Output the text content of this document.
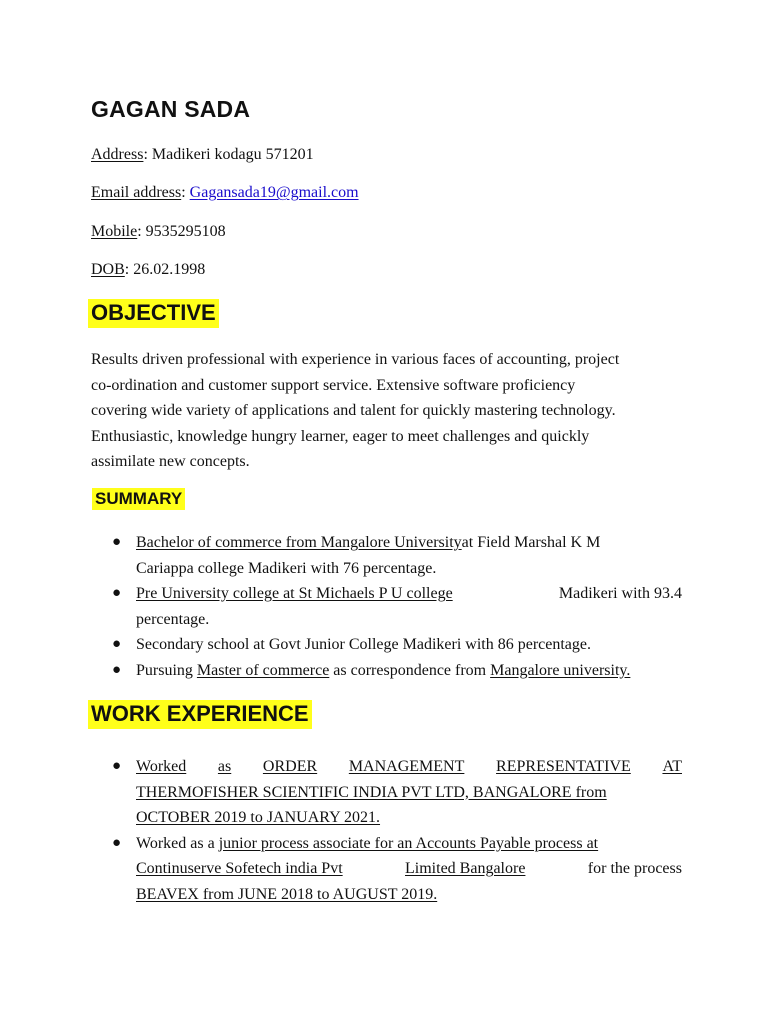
GAGAN SADA

Address: Madikeri kodagu 571201

Email address: Gagansada19@gmail.com

Mobile: 9535295108

DOB: 26.02.1998

OBJECTIVE

Results driven professional with experience in various faces of accounting, project
co-ordination and customer support service. Extensive software proficiency
covering wide variety of applications and talent for quickly mastering technology.
Enthusiastic, knowledge hungry learner, eager to meet challenges and quickly
assimilate new concepts.

SUMMARY
● Bachelor of commerce from Mangalore Universityat Field Marshal K M
Cariappa college Madikeri with 76 percentage.
● Pre University college at St Michaels P U college	Madikeri with 93.4
percentage.
● Secondary school at Govt Junior College Madikeri with 86 percentage.
● Pursuing Master of commerce as correspondence from Mangalore university.
WORK EXPERIENCE
● Worked as ORDER MANAGEMENT REPRESENTATIVE AT
THERMOFISHER SCIENTIFIC INDIA PVT LTD, BANGALORE from
OCTOBER 2019 to JANUARY 2021.
● Worked as a junior process associate for an Accounts Payable process at
Continuserve Sofetech india Pvt	Limited Bangalore	for the process
BEAVEX from JUNE 2018 to AUGUST 2019.
